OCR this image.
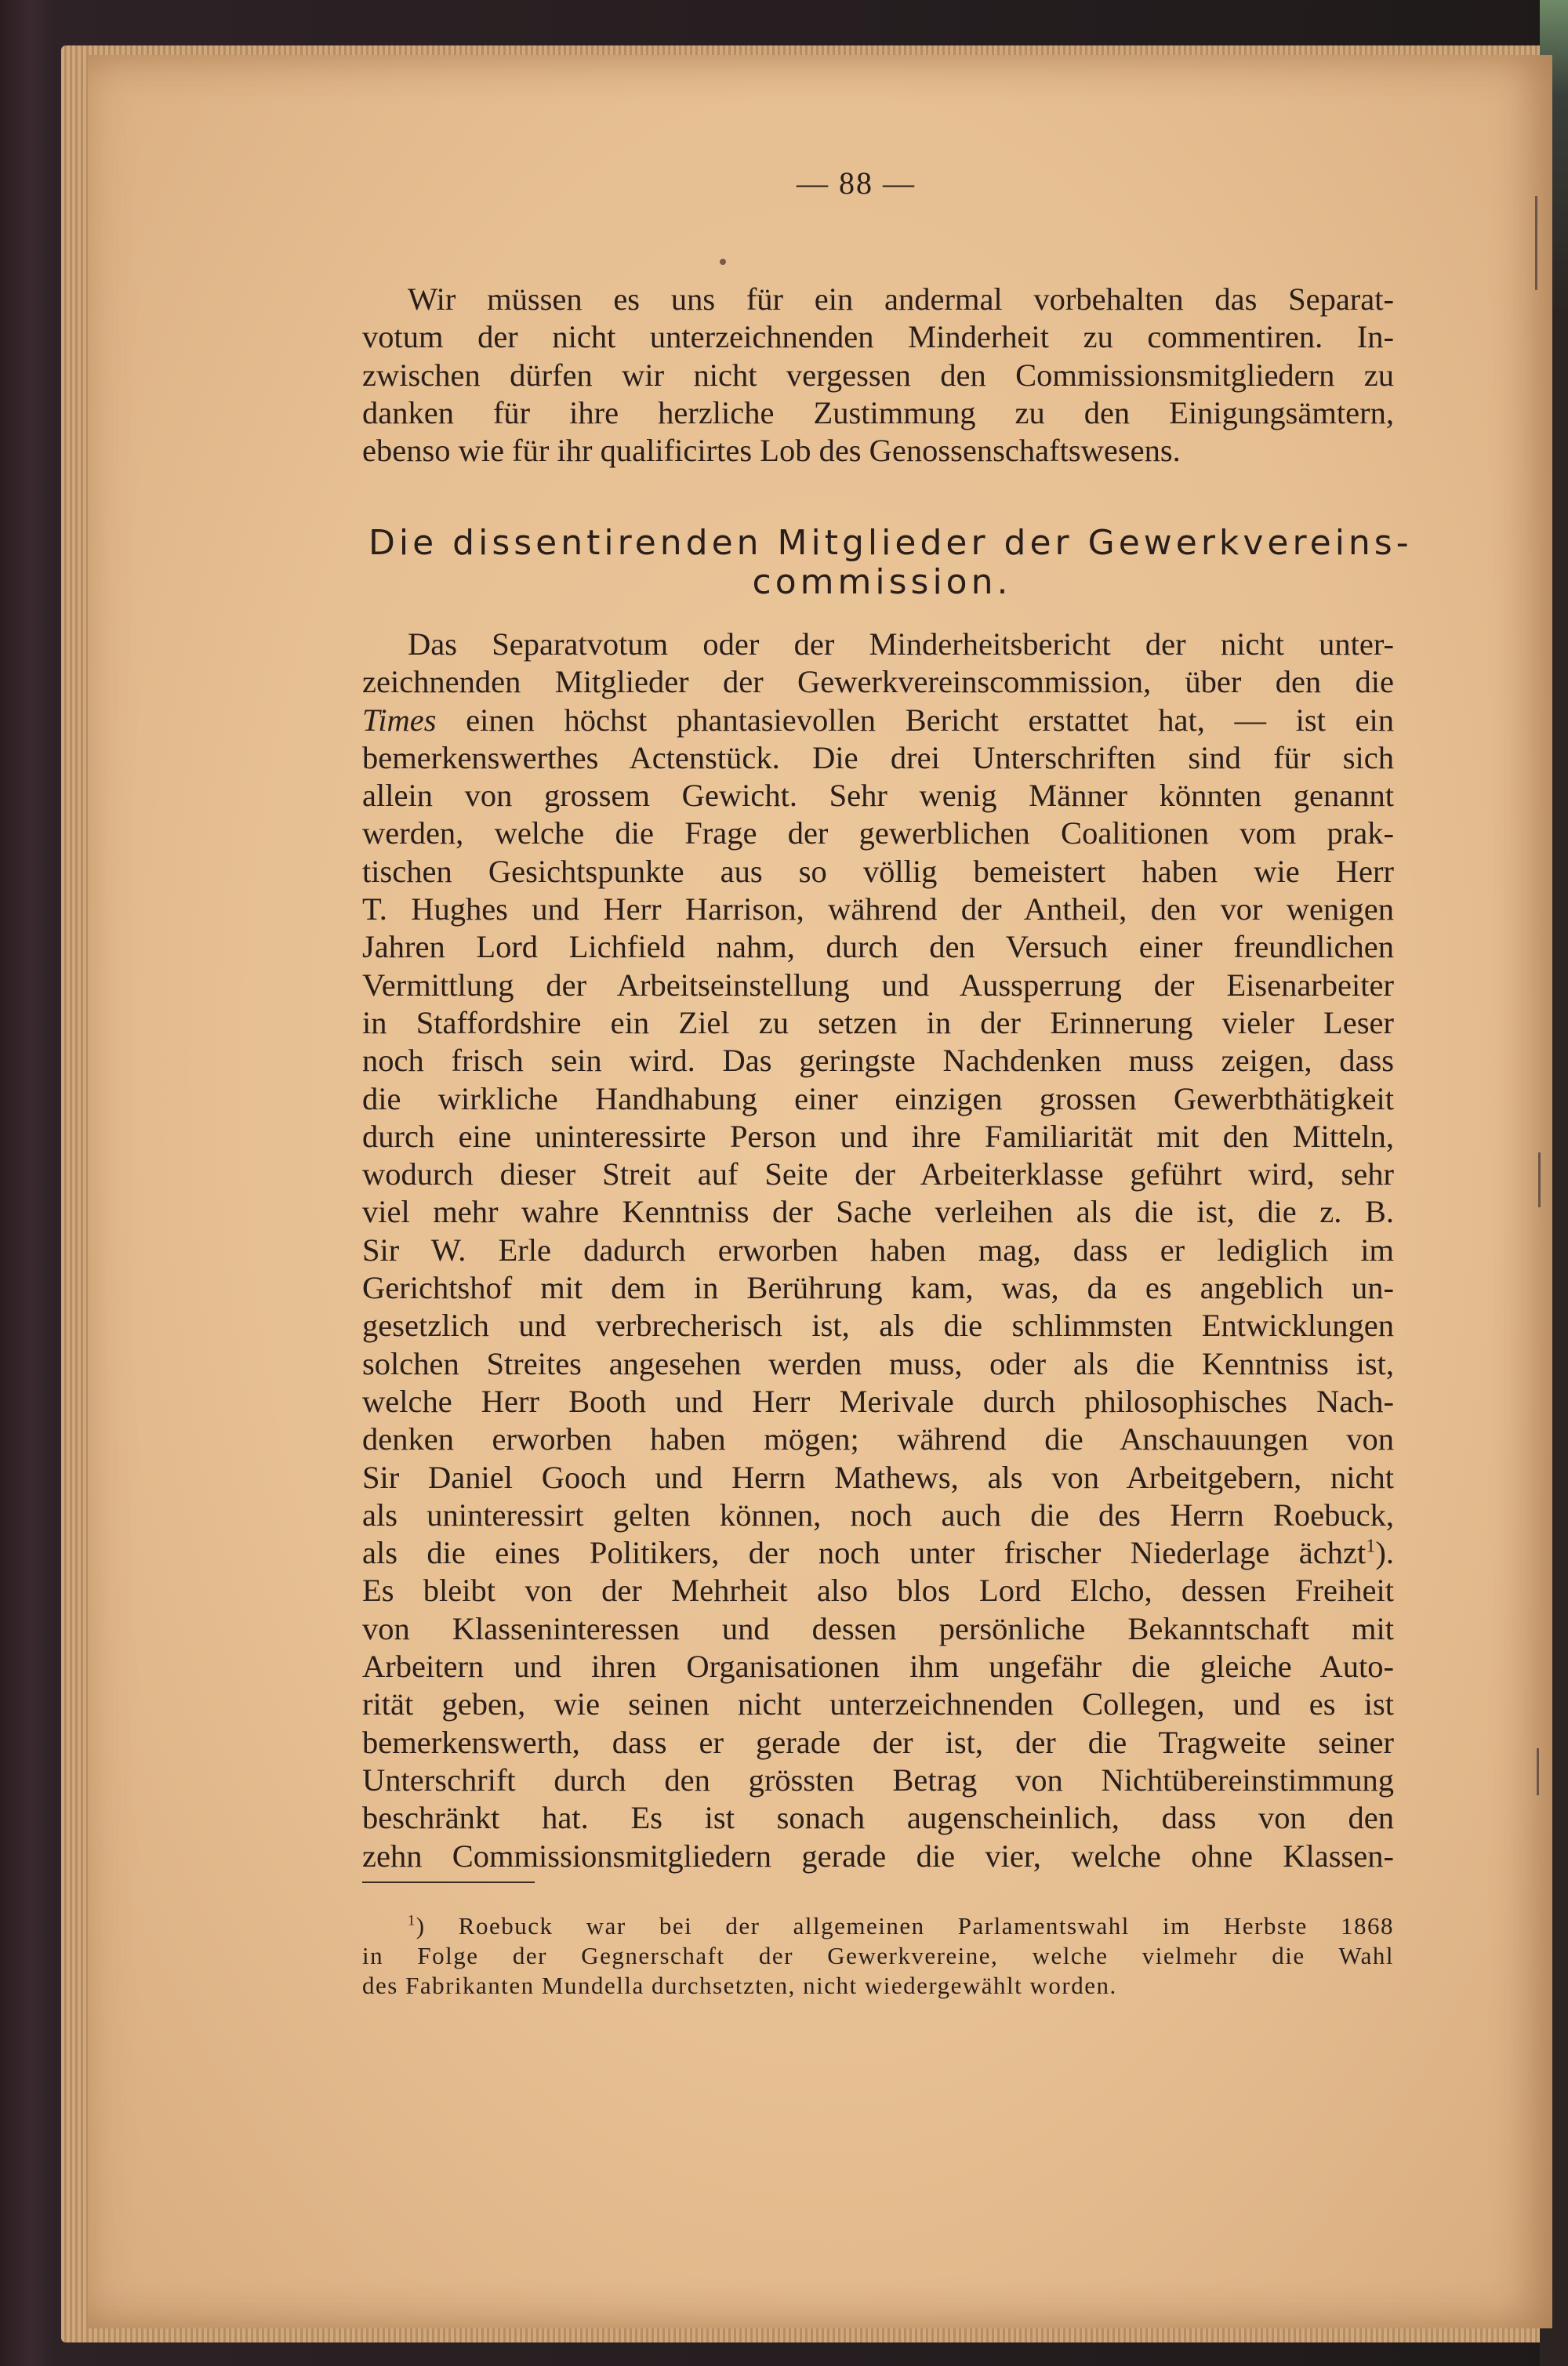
— 88 —
Wir müssen es uns für ein andermal vorbehalten das Separat-
votum der nicht unterzeichnenden Minderheit zu commentiren. In-
zwischen dürfen wir nicht vergessen den Commissionsmitgliedern zu
danken für ihre herzliche Zustimmung zu den Einigungsämtern,
ebenso wie für ihr qualificirtes Lob des Genossenschaftswesens.
Die dissentirenden Mitglieder der Gewerkvereins-
commission.
Das Separatvotum oder der Minderheitsbericht der nicht unter-
zeichnenden Mitglieder der Gewerkvereinscommission, über den die
Times einen höchst phantasievollen Bericht erstattet hat, — ist ein
bemerkenswerthes Actenstück. Die drei Unterschriften sind für sich
allein von grossem Gewicht. Sehr wenig Männer könnten genannt
werden, welche die Frage der gewerblichen Coalitionen vom prak-
tischen Gesichtspunkte aus so völlig bemeistert haben wie Herr
T. Hughes und Herr Harrison, während der Antheil, den vor wenigen
Jahren Lord Lichfield nahm, durch den Versuch einer freundlichen
Vermittlung der Arbeitseinstellung und Aussperrung der Eisenarbeiter
in Staffordshire ein Ziel zu setzen in der Erinnerung vieler Leser
noch frisch sein wird. Das geringste Nachdenken muss zeigen, dass
die wirkliche Handhabung einer einzigen grossen Gewerbthätigkeit
durch eine uninteressirte Person und ihre Familiarität mit den Mitteln,
wodurch dieser Streit auf Seite der Arbeiterklasse geführt wird, sehr
viel mehr wahre Kenntniss der Sache verleihen als die ist, die z. B.
Sir W. Erle dadurch erworben haben mag, dass er lediglich im
Gerichtshof mit dem in Berührung kam, was, da es angeblich un-
gesetzlich und verbrecherisch ist, als die schlimmsten Entwicklungen
solchen Streites angesehen werden muss, oder als die Kenntniss ist,
welche Herr Booth und Herr Merivale durch philosophisches Nach-
denken erworben haben mögen; während die Anschauungen von
Sir Daniel Gooch und Herrn Mathews, als von Arbeitgebern, nicht
als uninteressirt gelten können, noch auch die des Herrn Roebuck,
als die eines Politikers, der noch unter frischer Niederlage ächzt$^1$).
Es bleibt von der Mehrheit also blos Lord Elcho, dessen Freiheit
von Klasseninteressen und dessen persönliche Bekanntschaft mit
Arbeitern und ihren Organisationen ihm ungefähr die gleiche Auto-
rität geben, wie seinen nicht unterzeichnenden Collegen, und es ist
bemerkenswerth, dass er gerade der ist, der die Tragweite seiner
Unterschrift durch den grössten Betrag von Nichtübereinstimmung
beschränkt hat. Es ist sonach augenscheinlich, dass von den
zehn Commissionsmitgliedern gerade die vier, welche ohne Klassen-
$^1$) Roebuck war bei der allgemeinen Parlamentswahl im Herbste 1868
in Folge der Gegnerschaft der Gewerkvereine, welche vielmehr die Wahl
des Fabrikanten Mundella durchsetzten, nicht wiedergewählt worden.
